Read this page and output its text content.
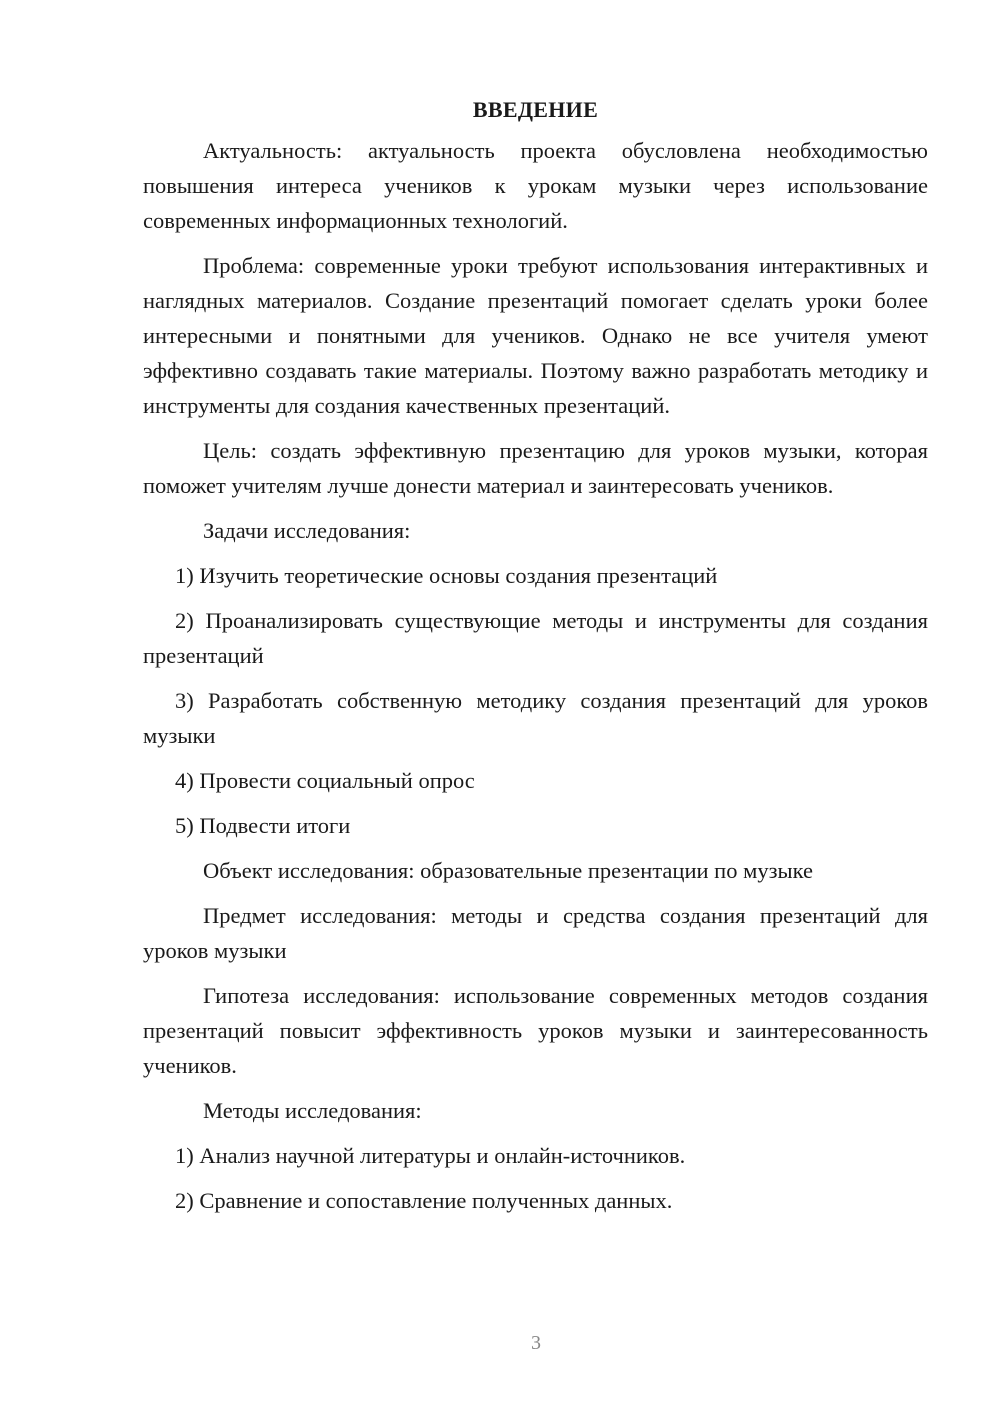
ВВЕДЕНИЕ

Актуальность: актуальность проекта обусловлена необходимостью повышения интереса учеников к урокам музыки через использование современных информационных технологий.

Проблема: современные уроки требуют использования интерактивных и наглядных материалов. Создание презентаций помогает сделать уроки более интересными и понятными для учеников. Однако не все учителя умеют эффективно создавать такие материалы. Поэтому важно разработать методику и инструменты для создания качественных презентаций.

Цель: создать эффективную презентацию для уроков музыки, которая поможет учителям лучше донести материал и заинтересовать учеников.

Задачи исследования:

1) Изучить теоретические основы создания презентаций

2) Проанализировать существующие методы и инструменты для создания презентаций

3) Разработать собственную методику создания презентаций для уроков музыки

4) Провести социальный опрос

5) Подвести итоги

Объект исследования: образовательные презентации по музыке

Предмет исследования: методы и средства создания презентаций для уроков музыки

Гипотеза исследования: использование современных методов создания презентаций повысит эффективность уроков музыки и заинтересованность учеников.

Методы исследования:

1) Анализ научной литературы и онлайн-источников.

2) Сравнение и сопоставление полученных данных.

3
